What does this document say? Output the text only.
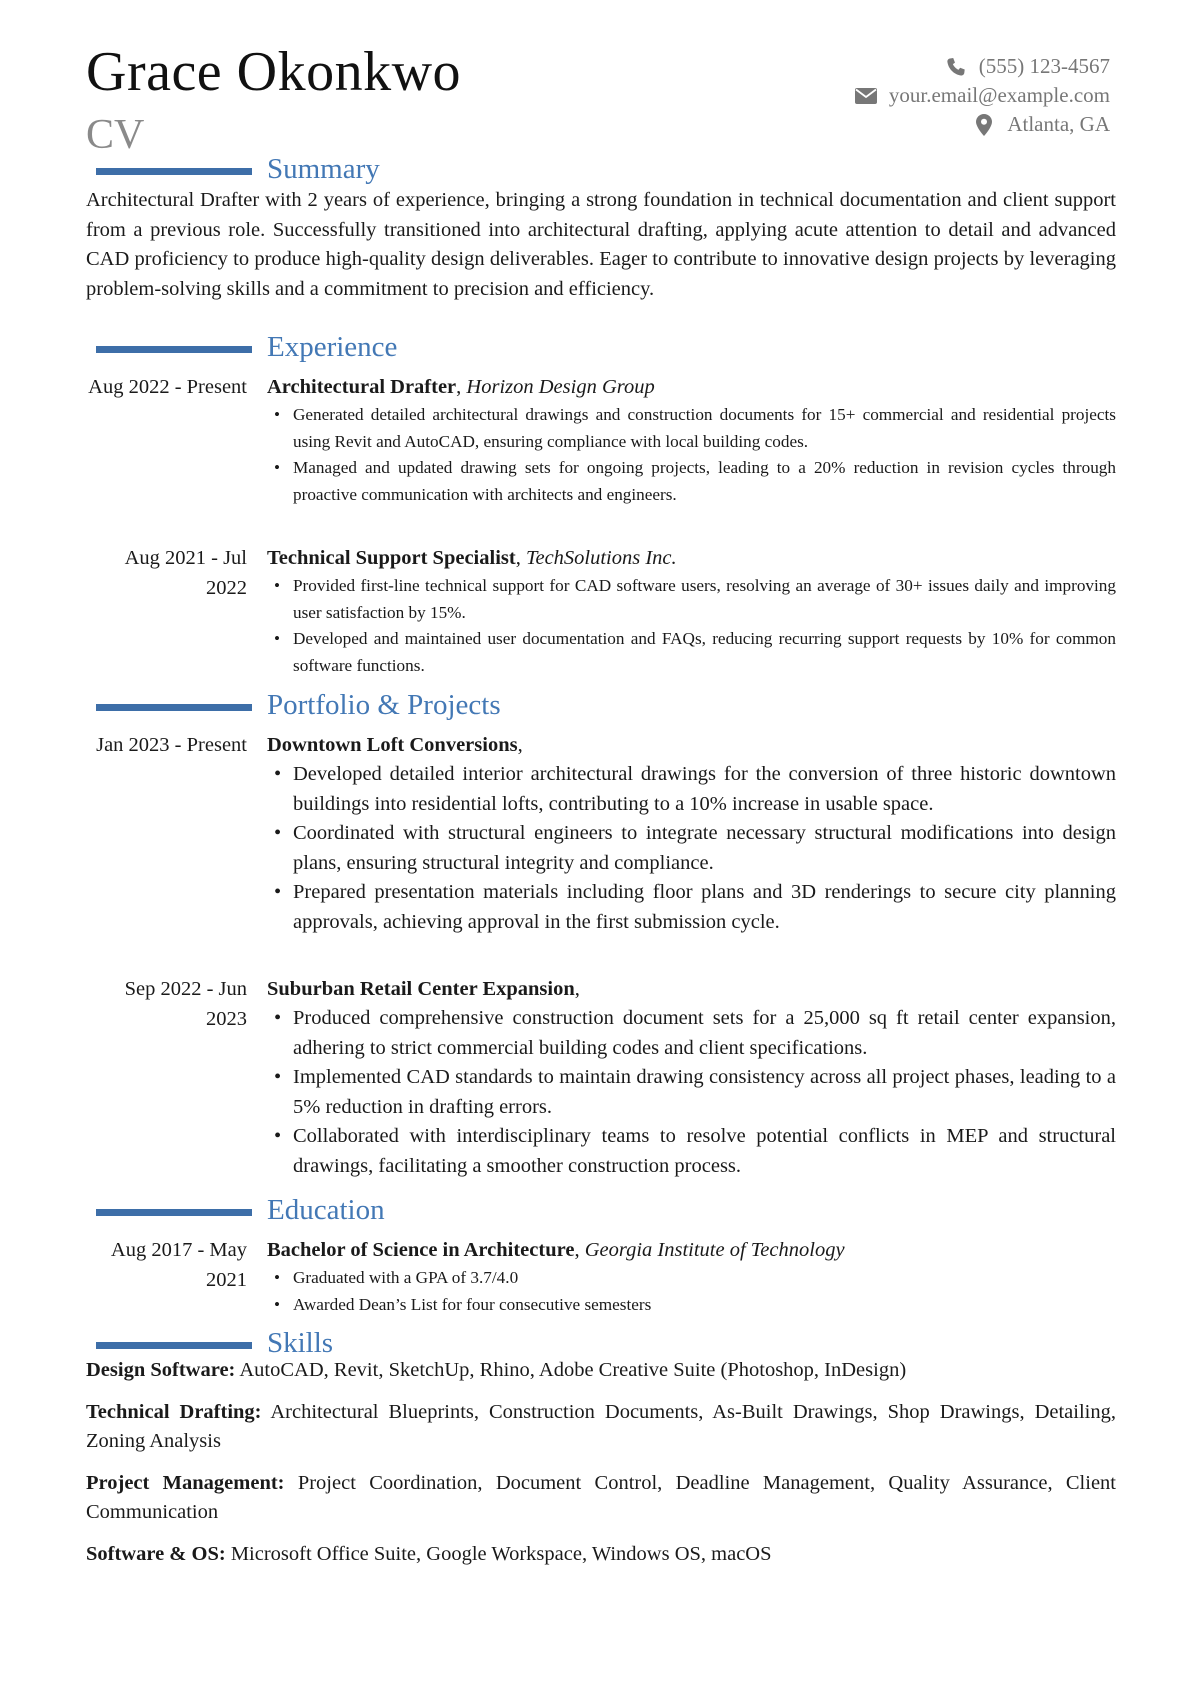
Grace Okonkwo
CV
(555) 123-4567
your.email@example.com
Atlanta, GA
Summary
Architectural Drafter with 2 years of experience, bringing a strong foundation in technical documentation and client support from a previous role. Successfully transitioned into architectural drafting, applying acute attention to detail and advanced CAD proficiency to produce high-quality design deliverables. Eager to contribute to innovative design projects by leveraging problem-solving skills and a commitment to precision and efficiency.
Experience
Aug 2022 - Present Architectural Drafter, Horizon Design Group
• Generated detailed architectural drawings and construction documents for 15+ commercial and residential projects using Revit and AutoCAD, ensuring compliance with local building codes.
• Managed and updated drawing sets for ongoing projects, leading to a 20% reduction in revision cycles through proactive communication with architects and engineers.
Aug 2021 - Jul 2022
Technical Support Specialist, TechSolutions Inc.
• Provided first-line technical support for CAD software users, resolving an average of 30+ issues daily and improving user satisfaction by 15%.
• Developed and maintained user documentation and FAQs, reducing recurring support requests by 10% for common software functions.
Portfolio & Projects
Jan 2023 - Present Downtown Loft Conversions,
• Developed detailed interior architectural drawings for the conversion of three historic downtown buildings into residential lofts, contributing to a 10% increase in usable space.
• Coordinated with structural engineers to integrate necessary structural modifications into design plans, ensuring structural integrity and compliance.
• Prepared presentation materials including floor plans and 3D renderings to secure city planning approvals, achieving approval in the first submission cycle.
Sep 2022 - Jun 2023
Suburban Retail Center Expansion,
• Produced comprehensive construction document sets for a 25,000 sq ft retail center expansion, adhering to strict commercial building codes and client specifications.
• Implemented CAD standards to maintain drawing consistency across all project phases, leading to a 5% reduction in drafting errors.
• Collaborated with interdisciplinary teams to resolve potential conflicts in MEP and structural drawings, facilitating a smoother construction process.
Education
Aug 2017 - May 2021
Bachelor of Science in Architecture, Georgia Institute of Technology
• Graduated with a GPA of 3.7/4.0
• Awarded Dean’s List for four consecutive semesters
Skills
Design Software: AutoCAD, Revit, SketchUp, Rhino, Adobe Creative Suite (Photoshop, InDesign)
Technical Drafting: Architectural Blueprints, Construction Documents, As-Built Drawings, Shop Drawings, Detailing, Zoning Analysis
Project Management: Project Coordination, Document Control, Deadline Management, Quality Assurance, Client Communication
Software & OS: Microsoft Office Suite, Google Workspace, Windows OS, macOS
